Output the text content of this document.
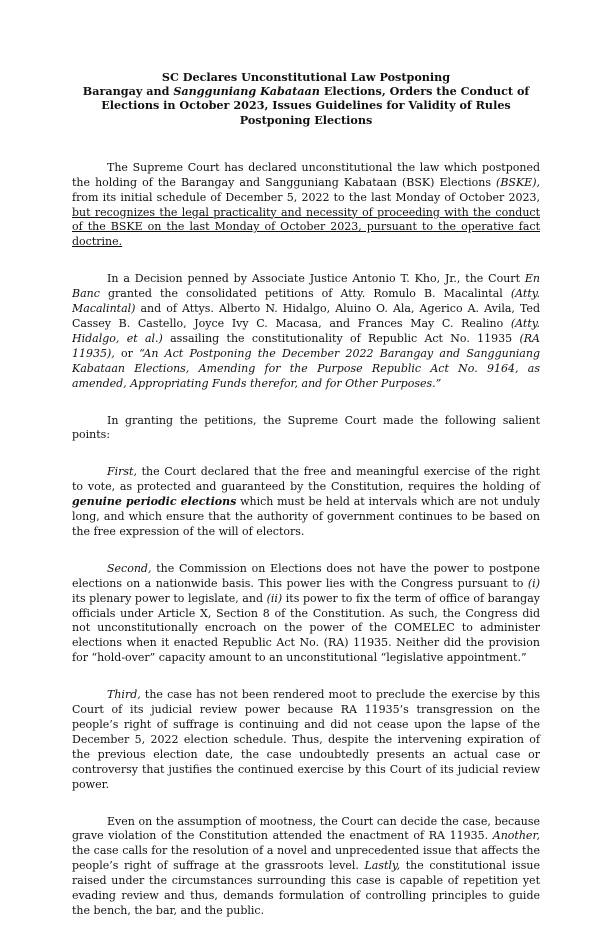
SC Declares Unconstitutional Law Postponing
Barangay and Sangguniang Kabataan Elections, Orders the Conduct of
Elections in October 2023, Issues Guidelines for Validity of Rules
Postponing Elections

The Supreme Court has declared unconstitutional the law which postponed the holding of the Barangay and Sangguniang Kabataan (BSK) Elections (BSKE), from its initial schedule of December 5, 2022 to the last Monday of October 2023, but recognizes the legal practicality and necessity of proceeding with the conduct of the BSKE on the last Monday of October 2023, pursuant to the operative fact doctrine.

In a Decision penned by Associate Justice Antonio T. Kho, Jr., the Court En Banc granted the consolidated petitions of Atty. Romulo B. Macalintal (Atty. Macalintal) and of Attys. Alberto N. Hidalgo, Aluino O. Ala, Agerico A. Avila, Ted Cassey B. Castello, Joyce Ivy C. Macasa, and Frances May C. Realino (Atty. Hidalgo, et al.) assailing the constitutionality of Republic Act No. 11935 (RA 11935), or “An Act Postponing the December 2022 Barangay and Sangguniang Kabataan Elections, Amending for the Purpose Republic Act No. 9164, as amended, Appropriating Funds therefor, and for Other Purposes.”

In granting the petitions, the Supreme Court made the following salient points:

First, the Court declared that the free and meaningful exercise of the right to vote, as protected and guaranteed by the Constitution, requires the holding of genuine periodic elections which must be held at intervals which are not unduly long, and which ensure that the authority of government continues to be based on the free expression of the will of electors.

Second, the Commission on Elections does not have the power to postpone elections on a nationwide basis. This power lies with the Congress pursuant to (i) its plenary power to legislate, and (ii) its power to fix the term of office of barangay officials under Article X, Section 8 of the Constitution. As such, the Congress did not unconstitutionally encroach on the power of the COMELEC to administer elections when it enacted Republic Act No. (RA) 11935. Neither did the provision for “hold-over” capacity amount to an unconstitutional “legislative appointment.”

Third, the case has not been rendered moot to preclude the exercise by this Court of its judicial review power because RA 11935’s transgression on the people’s right of suffrage is continuing and did not cease upon the lapse of the December 5, 2022 election schedule. Thus, despite the intervening expiration of the previous election date, the case undoubtedly presents an actual case or controversy that justifies the continued exercise by this Court of its judicial review power.

Even on the assumption of mootness, the Court can decide the case, because grave violation of the Constitution attended the enactment of RA 11935. Another, the case calls for the resolution of a novel and unprecedented issue that affects the people’s right of suffrage at the grassroots level. Lastly, the constitutional issue raised under the circumstances surrounding this case is capable of repetition yet evading review and thus, demands formulation of controlling principles to guide the bench, the bar, and the public.
